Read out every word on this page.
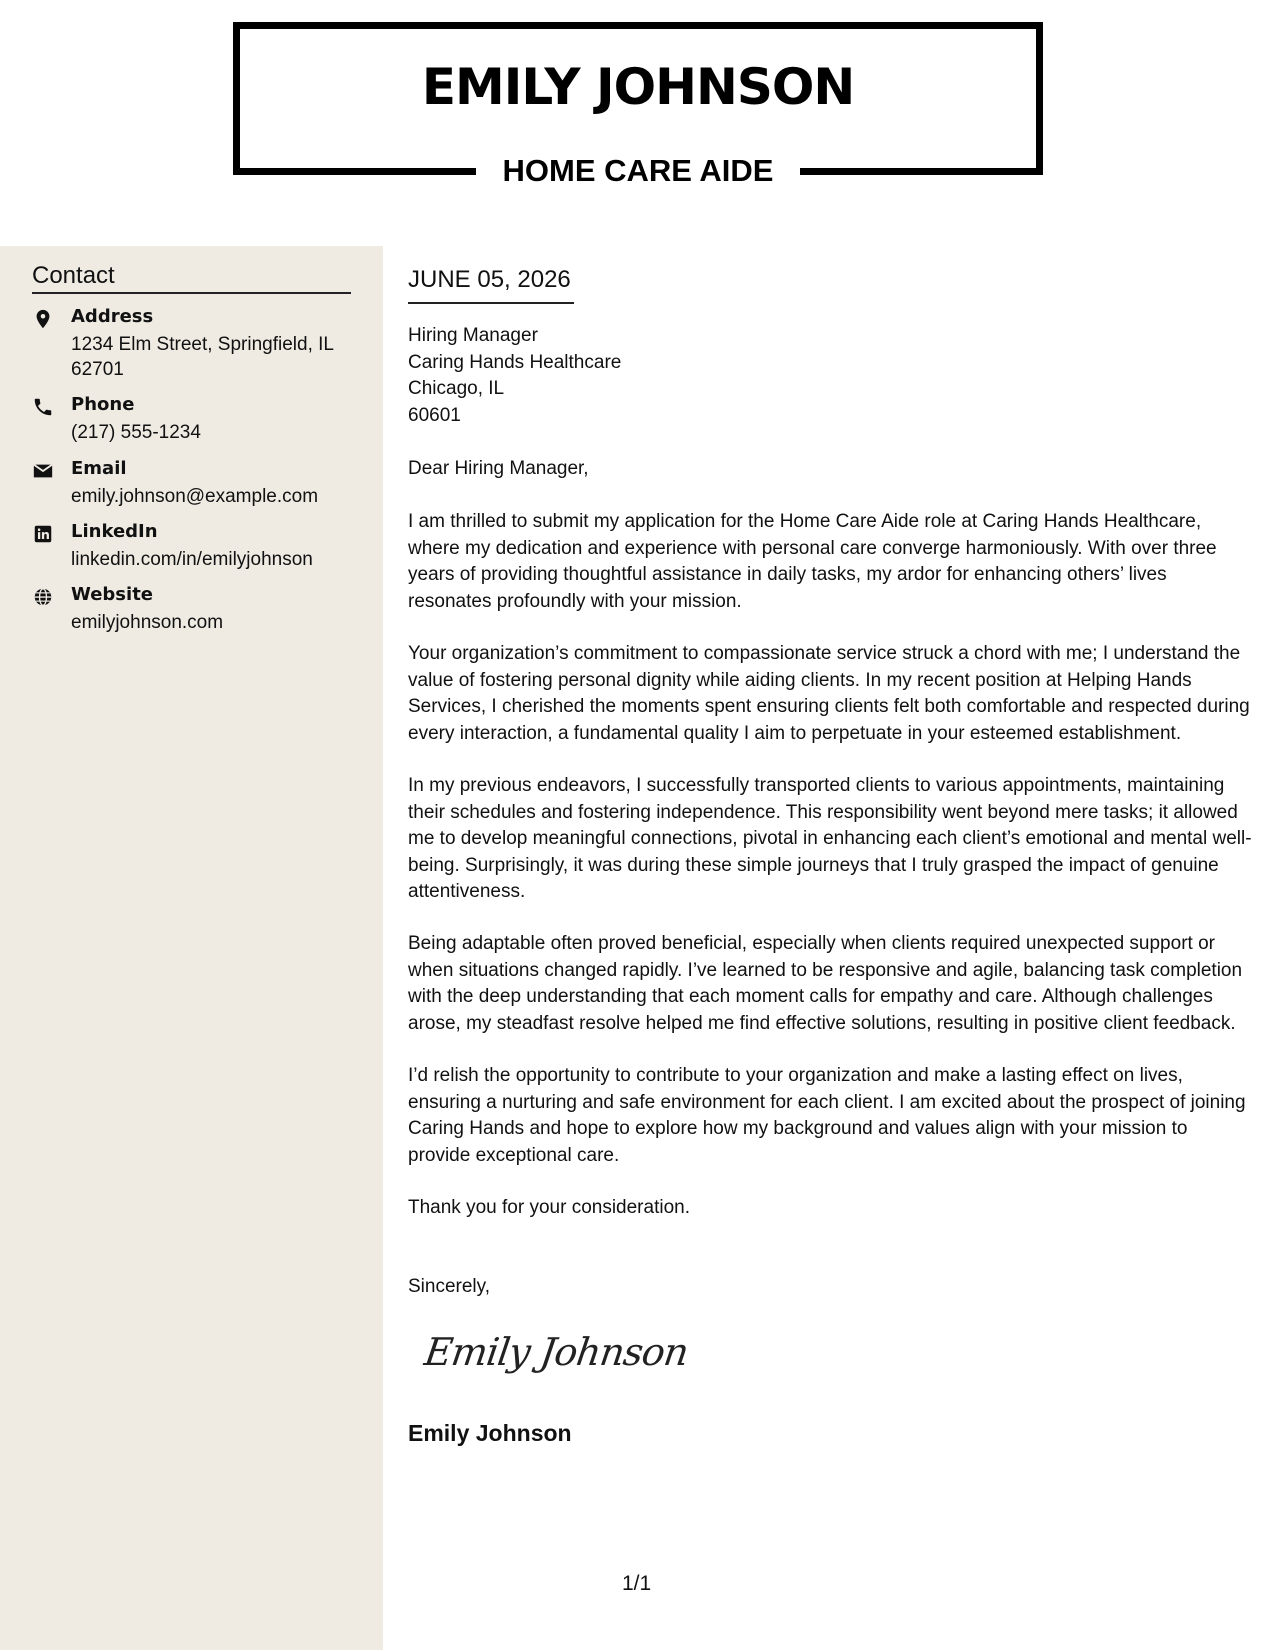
EMILY JOHNSON
HOME CARE AIDE
Contact
Address
1234 Elm Street, Springfield, IL 62701
Phone
(217) 555-1234
Email
emily.johnson@example.com
LinkedIn
linkedin.com/in/emilyjohnson
Website
emilyjohnson.com
JUNE 05, 2026
Hiring Manager
Caring Hands Healthcare
Chicago, IL
60601
Dear Hiring Manager,
I am thrilled to submit my application for the Home Care Aide role at Caring Hands Healthcare, where my dedication and experience with personal care converge harmoniously. With over three years of providing thoughtful assistance in daily tasks, my ardor for enhancing others’ lives resonates profoundly with your mission.
Your organization’s commitment to compassionate service struck a chord with me; I understand the value of fostering personal dignity while aiding clients. In my recent position at Helping Hands Services, I cherished the moments spent ensuring clients felt both comfortable and respected during every interaction, a fundamental quality I aim to perpetuate in your esteemed establishment.
In my previous endeavors, I successfully transported clients to various appointments, maintaining their schedules and fostering independence. This responsibility went beyond mere tasks; it allowed me to develop meaningful connections, pivotal in enhancing each client’s emotional and mental well-being. Surprisingly, it was during these simple journeys that I truly grasped the impact of genuine attentiveness.
Being adaptable often proved beneficial, especially when clients required unexpected support or when situations changed rapidly. I’ve learned to be responsive and agile, balancing task completion with the deep understanding that each moment calls for empathy and care. Although challenges arose, my steadfast resolve helped me find effective solutions, resulting in positive client feedback.
I’d relish the opportunity to contribute to your organization and make a lasting effect on lives, ensuring a nurturing and safe environment for each client. I am excited about the prospect of joining Caring Hands and hope to explore how my background and values align with your mission to provide exceptional care.
Thank you for your consideration.
Sincerely,
Emily Johnson
Emily Johnson
1/1
